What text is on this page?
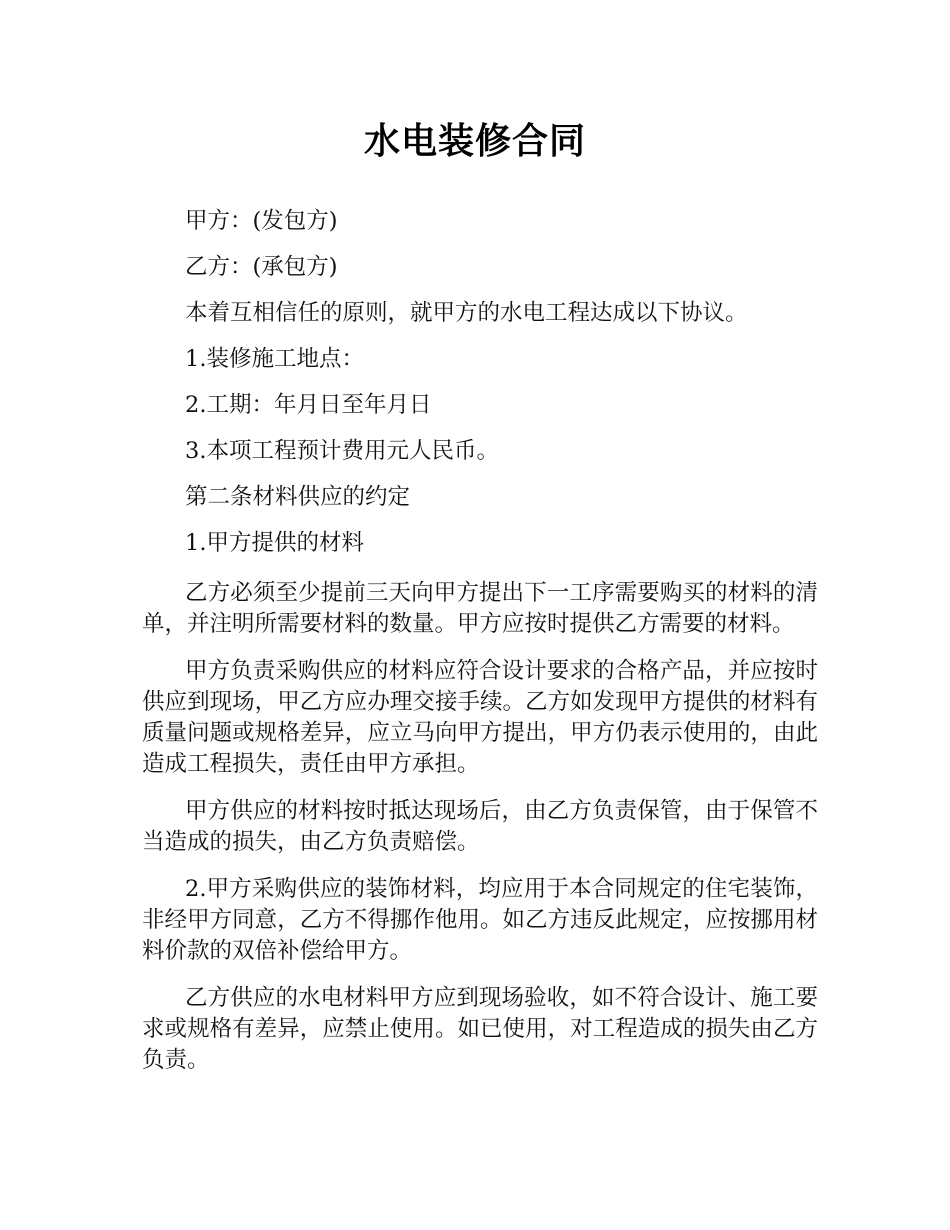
水电装修合同

甲方：(发包方)

乙方：(承包方)

本着互相信任的原则，就甲方的水电工程达成以下协议。

1.装修施工地点：

2.工期：年月日至年月日

3.本项工程预计费用元人民币。

第二条材料供应的约定

1.甲方提供的材料

乙方必须至少提前三天向甲方提出下一工序需要购买的材料的清单，并注明所需要材料的数量。甲方应按时提供乙方需要的材料。

甲方负责采购供应的材料应符合设计要求的合格产品，并应按时供应到现场，甲乙方应办理交接手续。乙方如发现甲方提供的材料有质量问题或规格差异，应立马向甲方提出，甲方仍表示使用的，由此造成工程损失，责任由甲方承担。

甲方供应的材料按时抵达现场后，由乙方负责保管，由于保管不当造成的损失，由乙方负责赔偿。

2.甲方采购供应的装饰材料，均应用于本合同规定的住宅装饰，非经甲方同意，乙方不得挪作他用。如乙方违反此规定，应按挪用材料价款的双倍补偿给甲方。

乙方供应的水电材料甲方应到现场验收，如不符合设计、施工要求或规格有差异，应禁止使用。如已使用，对工程造成的损失由乙方负责。
